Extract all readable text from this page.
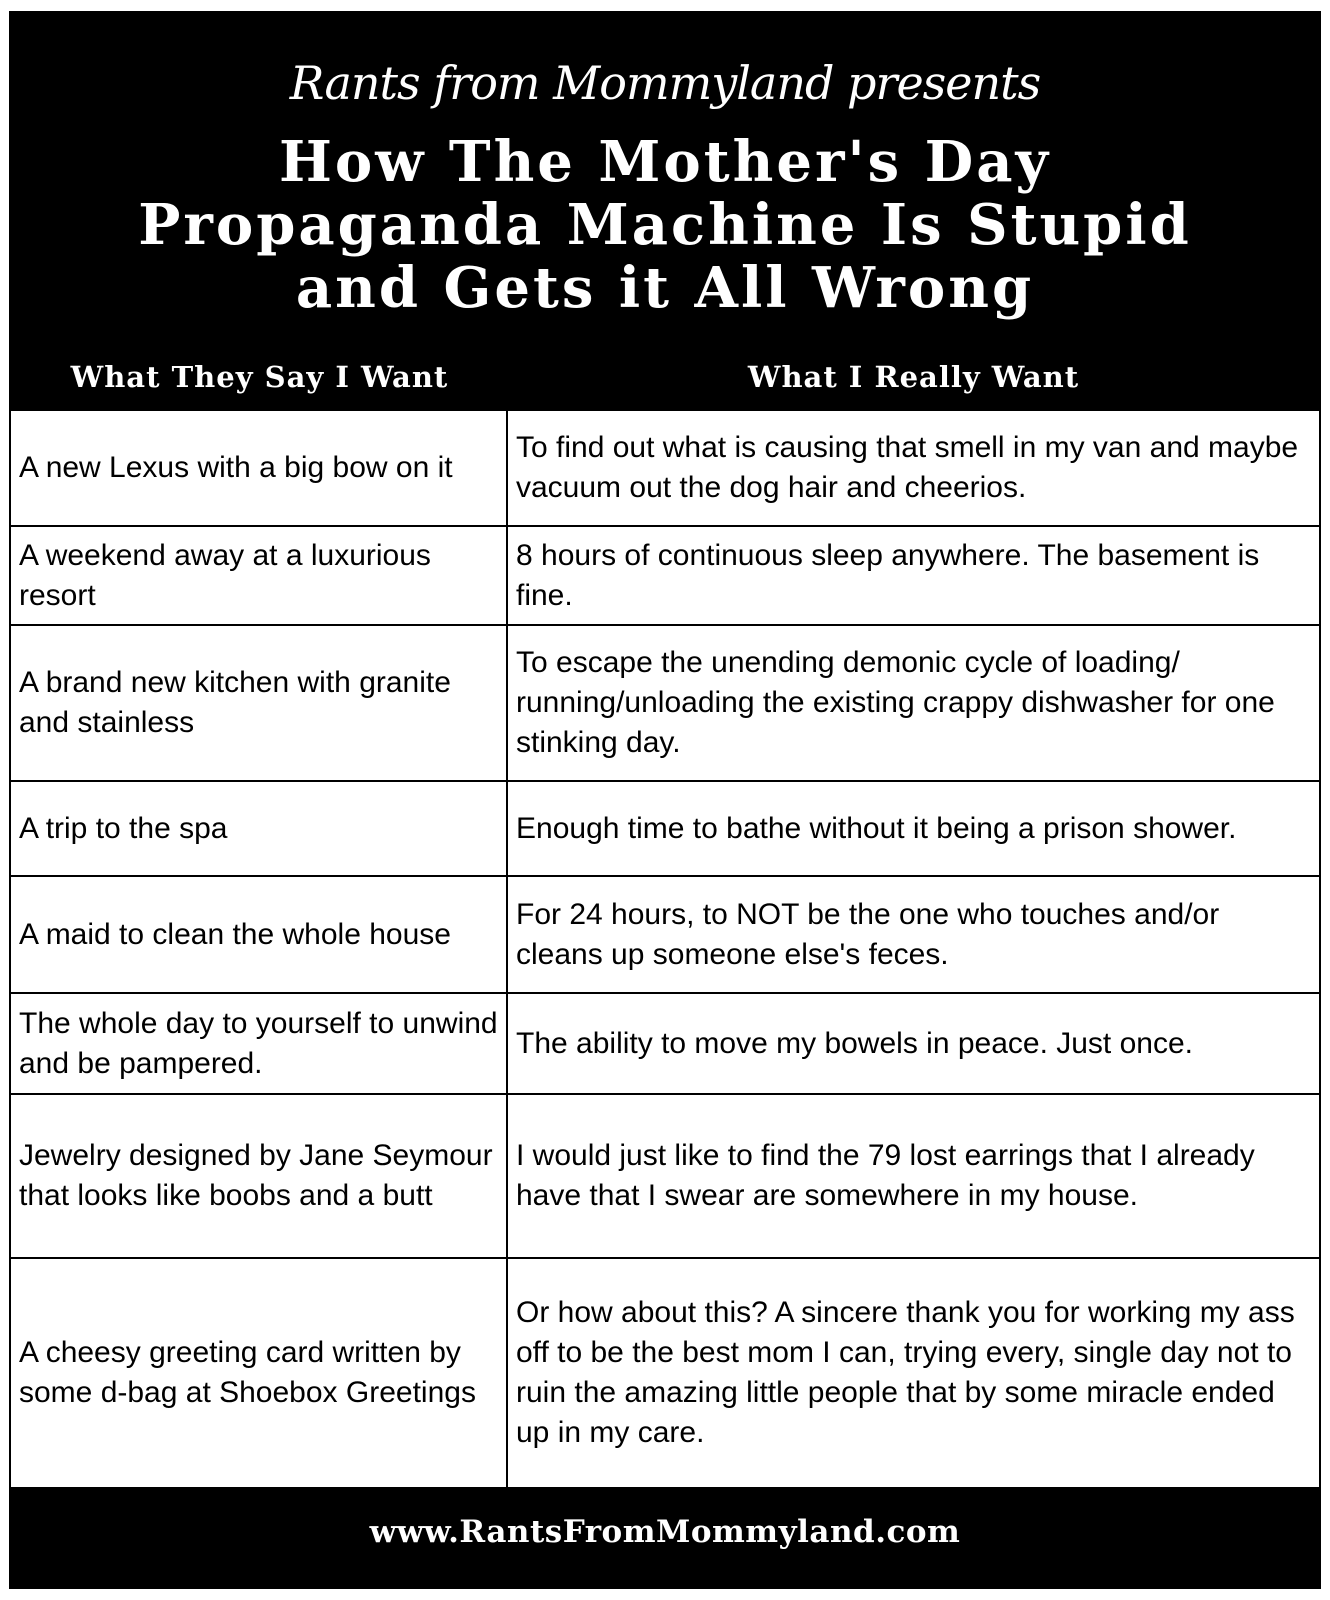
Rants from Mommyland presents
How The Mother's Day
Propaganda Machine Is Stupid
and Gets it All Wrong
What They Say I Want	What I Really Want
A new Lexus with a big bow on it
To find out what is causing that smell in my van and maybe vacuum out the dog hair and cheerios.
A weekend away at a luxurious resort
8 hours of continuous sleep anywhere. The basement is fine.
A brand new kitchen with granite and stainless
To escape the unending demonic cycle of loading/ running/unloading the existing crappy dishwasher for one stinking day.
A trip to the spa	Enough time to bathe without it being a prison shower.
A maid to clean the whole house
For 24 hours, to NOT be the one who touches and/or cleans up someone else's feces.
The whole day to yourself to unwind and be pampered.
The ability to move my bowels in peace. Just once.
Jewelry designed by Jane Seymour that looks like boobs and a butt
I would just like to find the 79 lost earrings that I already have that I swear are somewhere in my house.
A cheesy greeting card written by some d-bag at Shoebox Greetings
Or how about this? A sincere thank you for working my ass off to be the best mom I can, trying every, single day not to ruin the amazing little people that by some miracle ended up in my care.
www.RantsFromMommyland.com
